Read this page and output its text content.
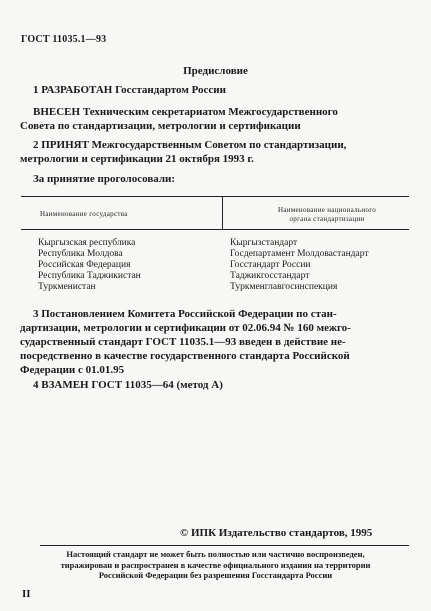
ГОСТ 11035.1—93
Предисловие
1 РАЗРАБОТАН Госстандартом России
ВНЕСЕН Техническим секретариатом Межгосударственного
Совета по стандартизации, метрологии и сертификации
2 ПРИНЯТ Межгосударственным Советом по стандартизации,
метрологии и сертификации 21 октября 1993 г.
За принятие проголосовали:
Наименование государства	Наименование национального
органа стандартизации
Кыргызская республика
Республика Молдова
Российская Федерация
Республика Таджикистан
Туркменистан
Кыргызстандарт
Госдепартамент Молдовастандарт
Госстандарт России
Таджикгосстандарт
Туркменглавгосинспекция
3 Постановлением Комитета Российской Федерации по стан-
дартизации, метрологии и сертификации от 02.06.94 № 160 межго-
сударственный стандарт ГОСТ 11035.1—93 введен в действие не-
посредственно в качестве государственного стандарта Российской
Федерации с 01.01.95
4 ВЗАМЕН ГОСТ 11035—64 (метод А)
© ИПК Издательство стандартов, 1995
Настоящий стандарт не может быть полностью или частично воспроизведен,
тиражирован и распространен в качестве официального издания на территории
Российской Федерации без разрешения Госстандарта России
II
